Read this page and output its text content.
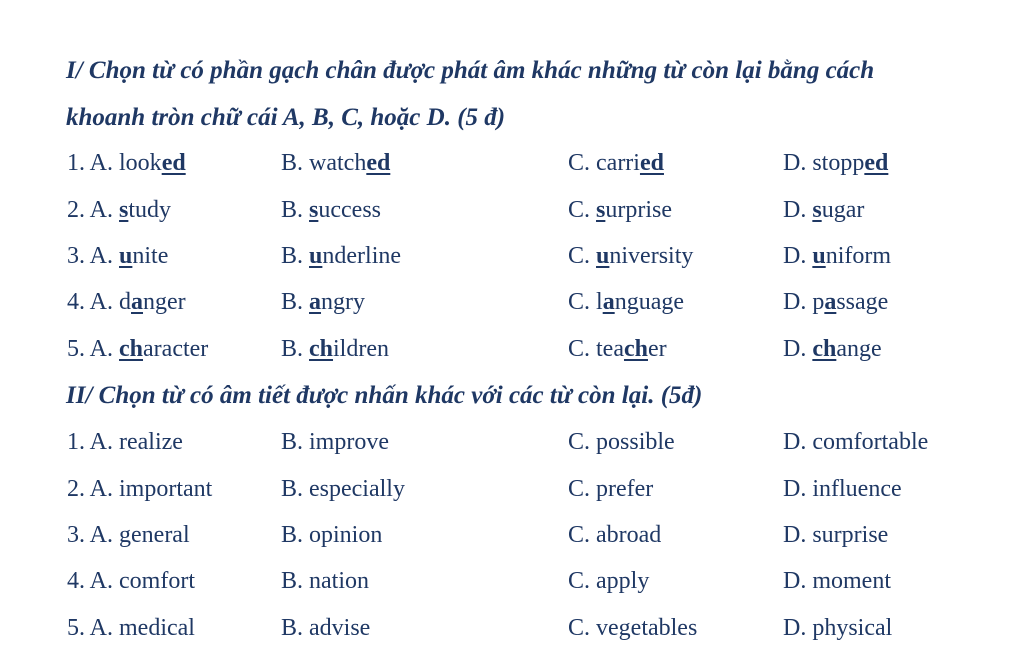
I/ Chọn từ có phần gạch chân được phát âm khác những từ còn lại bằng cách
khoanh tròn chữ cái A, B, C, hoặc D. (5 đ)
1. A. looked	B. watched	C. carried	D. stopped
2. A. study	B. success	C. surprise	D. sugar
3. A. unite	B. underline	C. university	D. uniform
4. A. danger	B. angry	C. language	D. passage
5. A. character	B. children	C. teacher	D. change
II/ Chọn từ có âm tiết được nhấn khác với các từ còn lại. (5đ)
1. A. realize	B. improve	C. possible	D. comfortable
2. A. important	B. especially	C. prefer	D. influence
3. A. general	B. opinion	C. abroad	D. surprise
4. A. comfort	B. nation	C. apply	D. moment
5. A. medical	B. advise	C. vegetables	D. physical
